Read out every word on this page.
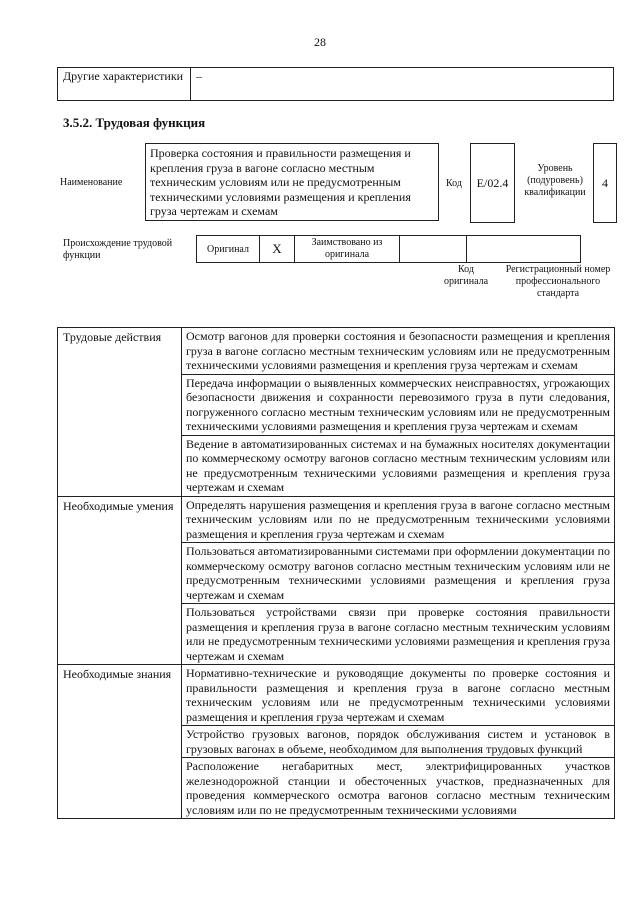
28
Другие характеристики	–
3.5.2. Трудовая функция
Наименование
Проверка состояния и правильности размещения и крепления груза в вагоне согласно местным техническим условиям или не предусмотренным техническими условиями размещения и крепления груза чертежам и схемам
Код E/02.4
Уровень (подуровень) квалификации
4
Происхождение трудовой функции
Оригинал	X	Заимствовано из оригинала		
Код оригинала
Регистрационный номер профессионального стандарта
Трудовые действия	Осмотр вагонов для проверки состояния и безопасности размещения и крепления груза в вагоне согласно местным техническим условиям или не предусмотренным техническими условиями размещения и крепления груза чертежам и схемам
	Передача информации о выявленных коммерческих неисправностях, угрожающих безопасности движения и сохранности перевозимого груза в пути следования, погруженного согласно местным техническим условиям или не предусмотренным техническими условиями размещения и крепления груза чертежам и схемам
	Ведение в автоматизированных системах и на бумажных носителях документации по коммерческому осмотру вагонов согласно местным техническим условиям или не предусмотренным техническими условиями размещения и крепления груза чертежам и схемам
Необходимые умения	Определять нарушения размещения и крепления груза в вагоне согласно местным техническим условиям или по не предусмотренным техническими условиями размещения и крепления груза чертежам и схемам
	Пользоваться автоматизированными системами при оформлении документации по коммерческому осмотру вагонов согласно местным техническим условиям или не предусмотренным техническими условиями размещения и крепления груза чертежам и схемам
	Пользоваться устройствами связи при проверке состояния правильности размещения и крепления груза в вагоне согласно местным техническим условиям или не предусмотренным техническими условиями размещения и крепления груза чертежам и схемам
Необходимые знания	Нормативно-технические и руководящие документы по проверке состояния и правильности размещения и крепления груза в вагоне согласно местным техническим условиям или не предусмотренным техническими условиями размещения и крепления груза чертежам и схемам
	Устройство грузовых вагонов, порядок обслуживания систем и установок в грузовых вагонах в объеме, необходимом для выполнения трудовых функций
	Расположение негабаритных мест, электрифицированных участков железнодорожной станции и обесточенных участков, предназначенных для проведения коммерческого осмотра вагонов согласно местным техническим условиям или по не предусмотренным техническими условиями
